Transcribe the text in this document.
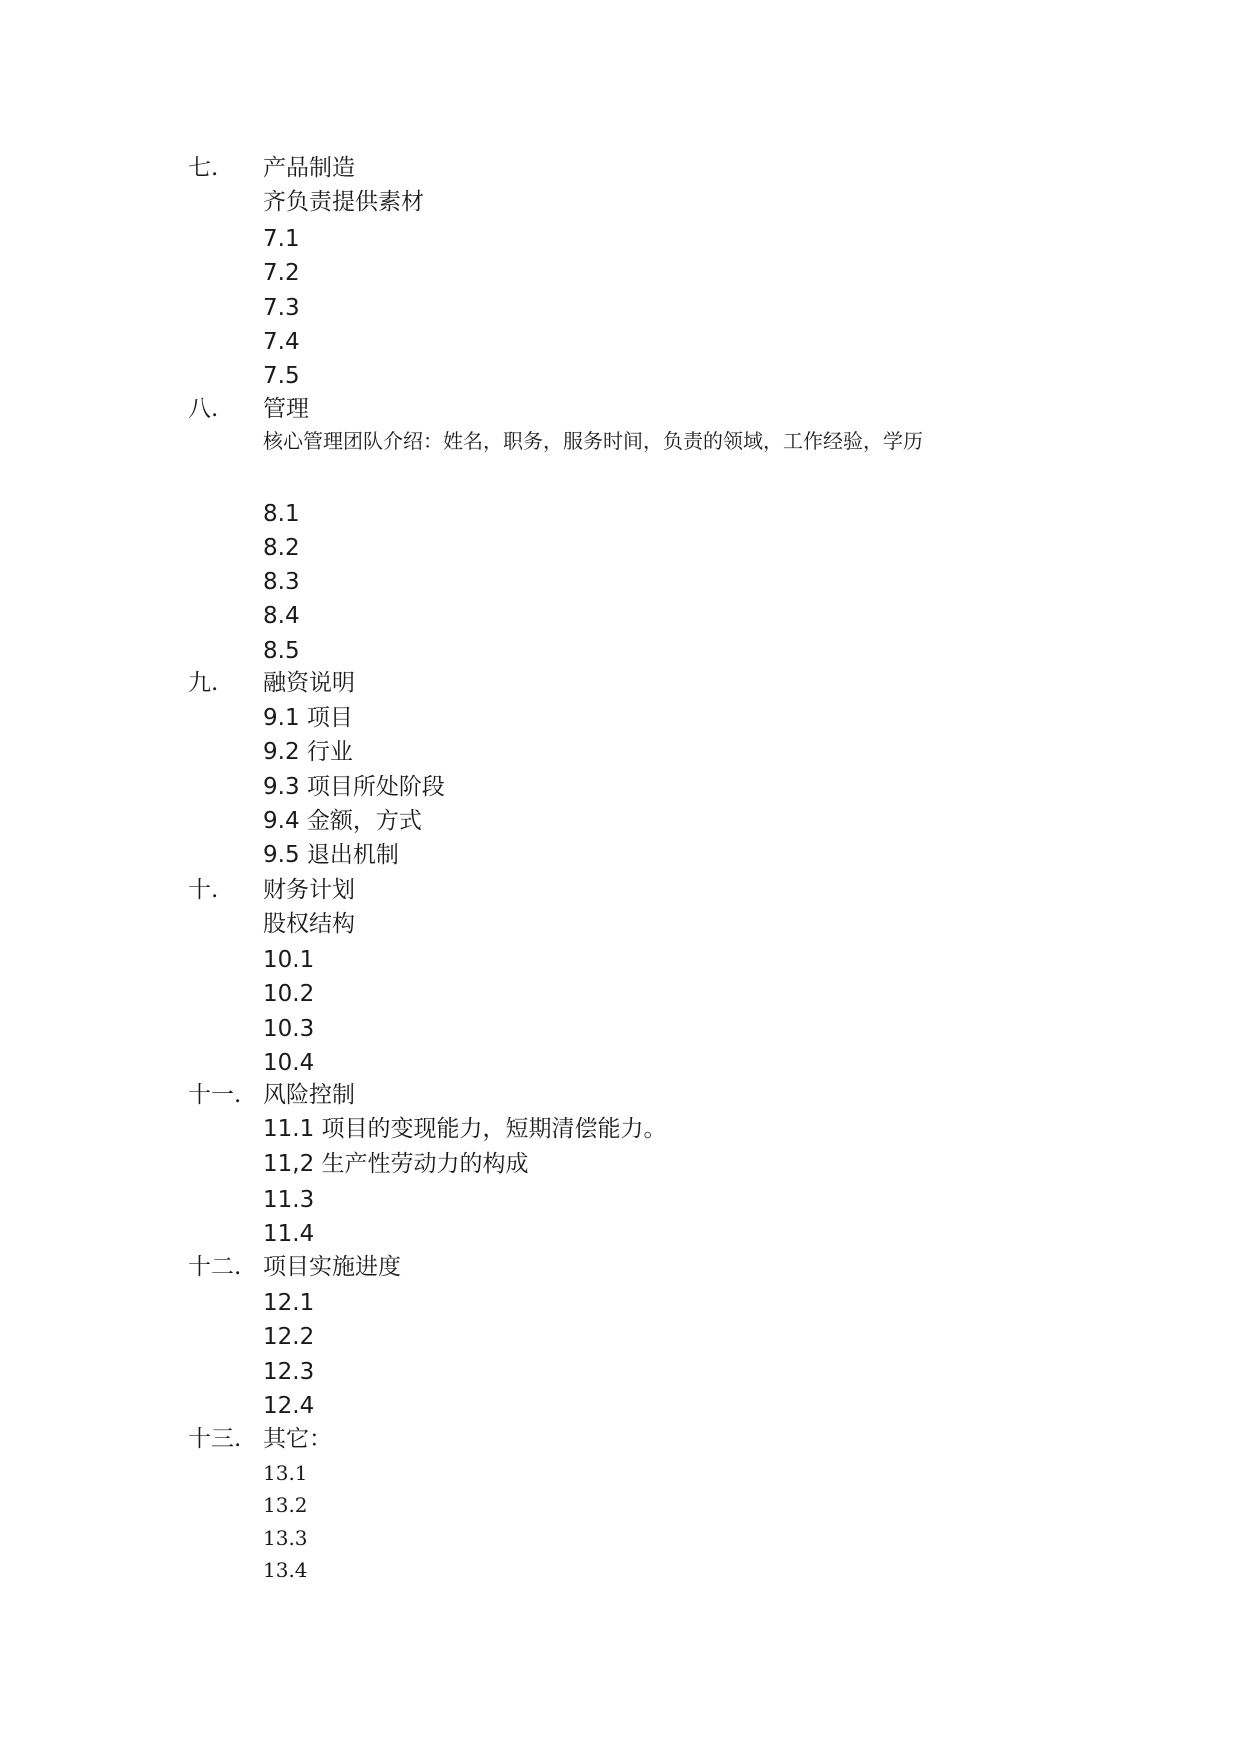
七. 产品制造
齐负责提供素材
7.1
7.2
7.3
7.4
7.5
八. 管理
核心管理团队介绍：姓名，职务，服务时间，负责的领域，工作经验，学历
8.1
8.2
8.3
8.4
8.5
九. 融资说明
9.1 项目
9.2 行业
9.3 项目所处阶段
9.4 金额，方式
9.5 退出机制
十. 财务计划
股权结构
10.1
10.2
10.3
10.4
十一. 风险控制
11.1 项目的变现能力，短期清偿能力。
11,2 生产性劳动力的构成
11.3
11.4
十二. 项目实施进度
12.1
12.2
12.3
12.4
十三. 其它：
13.1
13.2
13.3
13.4
